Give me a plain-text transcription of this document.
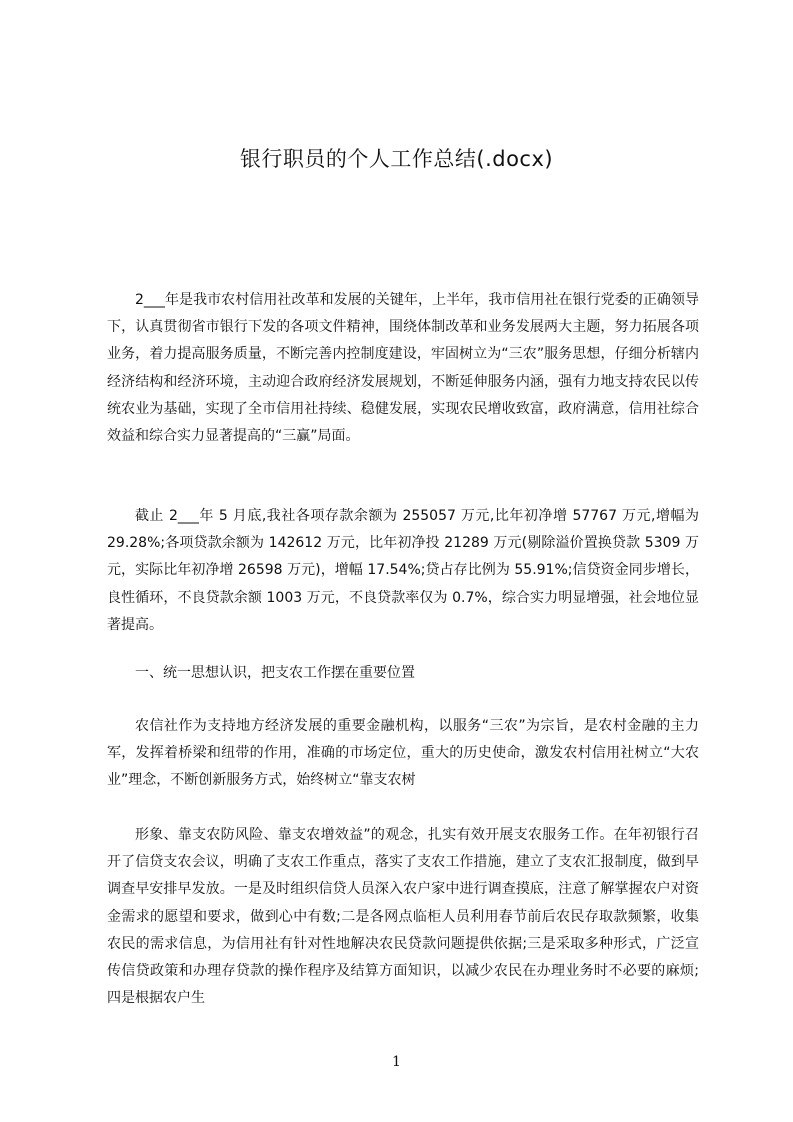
银行职员的个人工作总结(.docx)

2___年是我市农村信用社改革和发展的关键年，上半年，我市信用社在银行党委的正确领导下，认真贯彻省市银行下发的各项文件精神，围绕体制改革和业务发展两大主题，努力拓展各项业务，着力提高服务质量，不断完善内控制度建设，牢固树立为“三农”服务思想，仔细分析辖内经济结构和经济环境，主动迎合政府经济发展规划，不断延伸服务内涵，强有力地支持农民以传统农业为基础，实现了全市信用社持续、稳健发展，实现农民增收致富，政府满意，信用社综合效益和综合实力显著提高的“三赢”局面。

截止 2___年 5 月底,我社各项存款余额为 255057 万元,比年初净增 57767 万元,增幅为 29.28%;各项贷款余额为 142612 万元，比年初净投 21289 万元(剔除溢价置换贷款 5309 万元，实际比年初净增 26598 万元)，增幅 17.54%;贷占存比例为 55.91%;信贷资金同步增长，良性循环，不良贷款余额 1003 万元，不良贷款率仅为 0.7%，综合实力明显增强，社会地位显著提高。

一、统一思想认识，把支农工作摆在重要位置

农信社作为支持地方经济发展的重要金融机构，以服务“三农”为宗旨，是农村金融的主力军，发挥着桥梁和纽带的作用，准确的市场定位，重大的历史使命，激发农村信用社树立“大农业”理念，不断创新服务方式，始终树立“靠支农树

形象、靠支农防风险、靠支农增效益”的观念，扎实有效开展支农服务工作。在年初银行召开了信贷支农会议，明确了支农工作重点，落实了支农工作措施，建立了支农汇报制度，做到早调查早安排早发放。一是及时组织信贷人员深入农户家中进行调查摸底，注意了解掌握农户对资金需求的愿望和要求，做到心中有数;二是各网点临柜人员利用春节前后农民存取款频繁，收集农民的需求信息，为信用社有针对性地解决农民贷款问题提供依据;三是采取多种形式，广泛宣传信贷政策和办理存贷款的操作程序及结算方面知识，以减少农民在办理业务时不必要的麻烦;四是根据农户生

1
